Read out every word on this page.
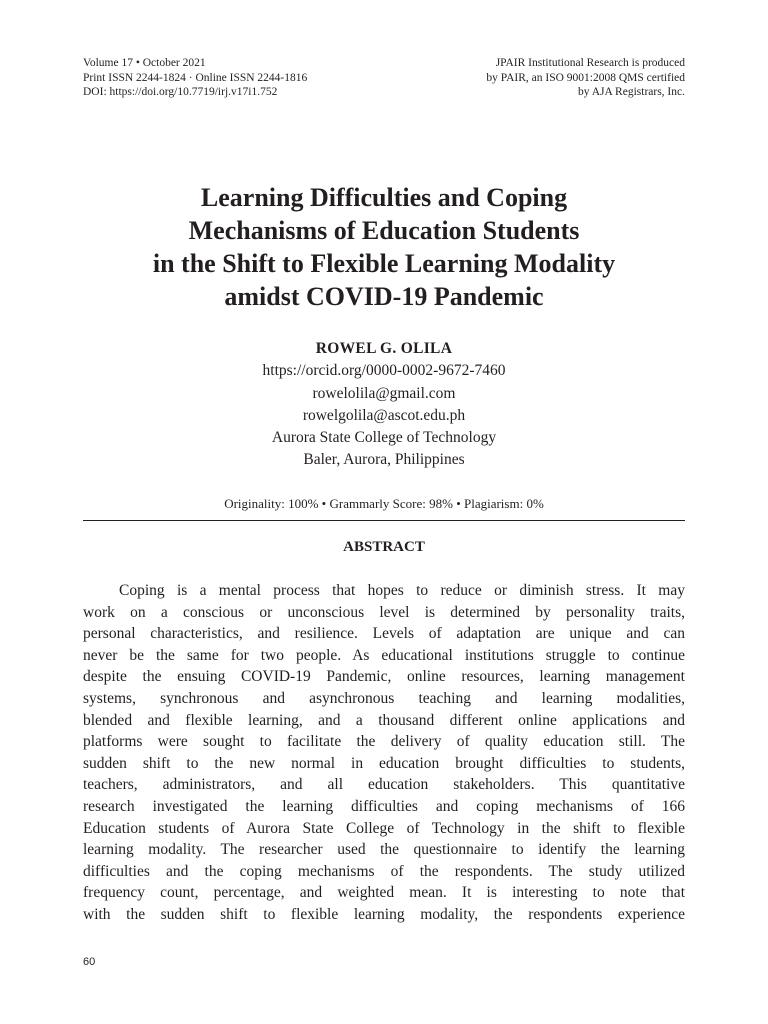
Volume 17 • October 2021
Print ISSN 2244-1824 · Online ISSN 2244-1816
DOI: https://doi.org/10.7719/irj.v17i1.752
JPAIR Institutional Research is produced
by PAIR, an ISO 9001:2008 QMS certified
by AJA Registrars, Inc.
Learning Difficulties and Coping
Mechanisms of Education Students
in the Shift to Flexible Learning Modality
amidst COVID-19 Pandemic
ROWEL G. OLILA
https://orcid.org/0000-0002-9672-7460
rowelolila@gmail.com
rowelgolila@ascot.edu.ph
Aurora State College of Technology
Baler, Aurora, Philippines
Originality: 100% • Grammarly Score: 98% • Plagiarism: 0%
ABSTRACT
Coping is a mental process that hopes to reduce or diminish stress. It may
work on a conscious or unconscious level is determined by personality traits,
personal characteristics, and resilience. Levels of adaptation are unique and can
never be the same for two people. As educational institutions struggle to continue
despite the ensuing COVID-19 Pandemic, online resources, learning management
systems, synchronous and asynchronous teaching and learning modalities,
blended and flexible learning, and a thousand different online applications and
platforms were sought to facilitate the delivery of quality education still. The
sudden shift to the new normal in education brought difficulties to students,
teachers, administrators, and all education stakeholders. This quantitative
research investigated the learning difficulties and coping mechanisms of 166
Education students of Aurora State College of Technology in the shift to flexible
learning modality. The researcher used the questionnaire to identify the learning
difficulties and the coping mechanisms of the respondents. The study utilized
frequency count, percentage, and weighted mean. It is interesting to note that
with the sudden shift to flexible learning modality, the respondents experience
60
